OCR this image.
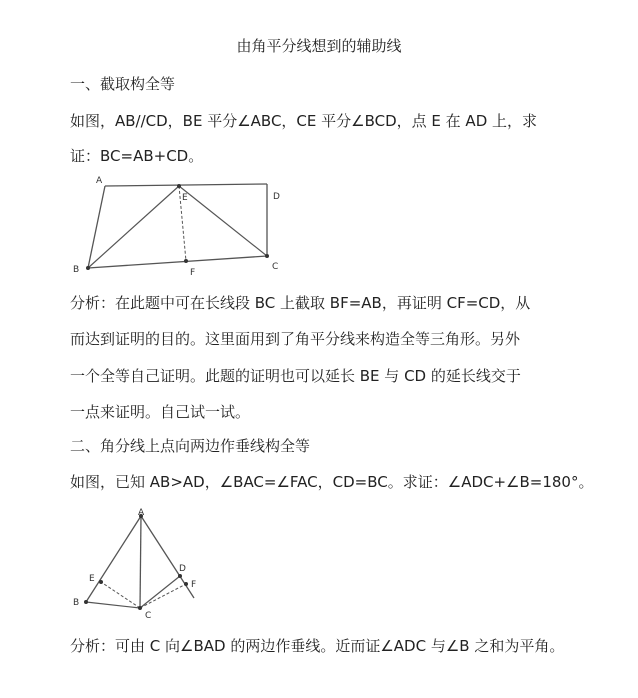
由角平分线想到的辅助线
一、截取构全等
如图，AB//CD，BE 平分∠ABC，CE 平分∠BCD，点 E 在 AD 上，求
证：BC=AB+CD。
A
E	D
B	F
C
分析：在此题中可在长线段 BC 上截取 BF=AB，再证明 CF=CD，从
而达到证明的目的。这里面用到了角平分线来构造全等三角形。另外
一个全等自己证明。此题的证明也可以延长 BE 与 CD 的延长线交于
一点来证明。自己试一试。
二、角分线上点向两边作垂线构全等
如图，已知 AB>AD，∠BAC=∠FAC，CD=BC。求证：∠ADC+∠B=180°。
A
E
D
F
B
C
分析：可由 C 向∠BAD 的两边作垂线。近而证∠ADC 与∠B 之和为平角。
